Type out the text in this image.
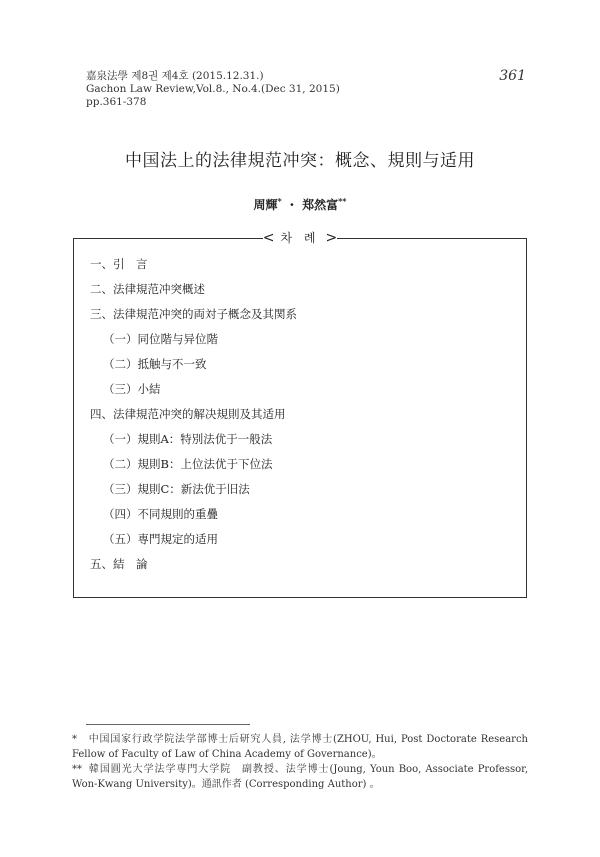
嘉泉法學 제8권 제4호 (2015.12.31.)
Gachon Law Review,Vol.8., No.4.(Dec 31, 2015)
pp.361-378
361
中国法上的法律規范冲突：概念、規則与适用
周輝* ・ 郑然富**
< 차 례 >
一、引　言
二、法律規范冲突概述
三、法律規范冲突的両対子概念及其関系
（一）同位階与异位階
（二）抵触与不一致
（三）小結
四、法律規范冲突的解决規則及其适用
（一）規則A：特別法优于一般法
（二）規則B：上位法优于下位法
（三）規則C：新法优于旧法
（四）不同規則的重疊
（五）専門規定的适用
五、結　論
* 中国国家行政学院法学部博士后研究人員, 法学博士(ZHOU, Hui, Post Doctorate Research Fellow of Faculty of Law of China Academy of Governance)。
** 韓国圓光大学法学専門大学院　副教授、法学博士(Joung, Youn Boo, Associate Professor, Won-Kwang University)。通訊作者 (Corresponding Author) 。
